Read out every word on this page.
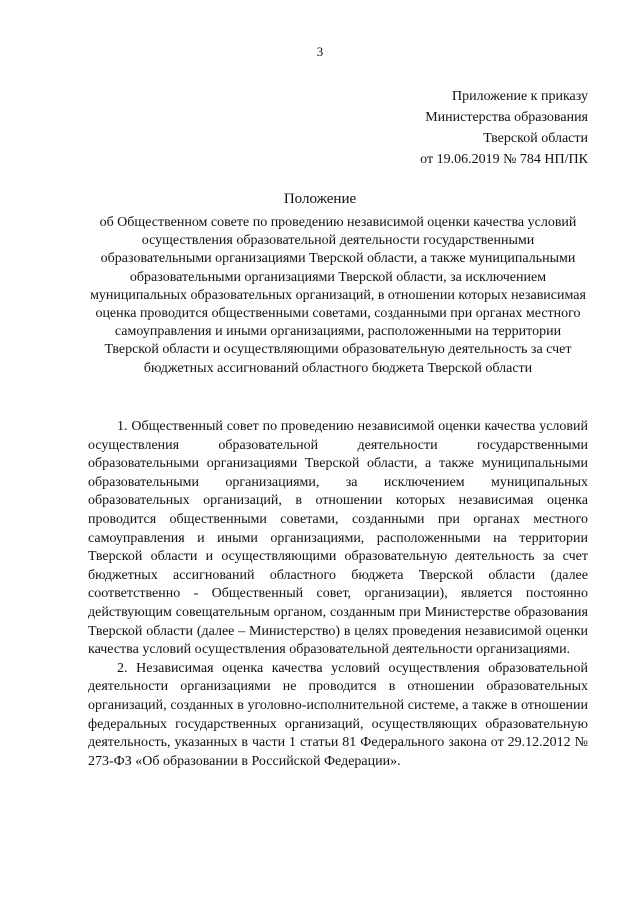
3
Приложение к приказу
Министерства образования
Тверской области
от 19.06.2019 № 784 НП/ПК
Положение
об Общественном совете по проведению независимой оценки качества условий осуществления образовательной деятельности государственными образовательными организациями Тверской области, а также муниципальными образовательными организациями Тверской области, за исключением муниципальных образовательных организаций, в отношении которых независимая оценка проводится общественными советами, созданными при органах местного самоуправления и иными организациями, расположенными на территории Тверской области и осуществляющими образовательную деятельность за счет бюджетных ассигнований областного бюджета Тверской области

1. Общественный совет по проведению независимой оценки качества условий осуществления образовательной деятельности государственными образовательными организациями Тверской области, а также муниципальными образовательными организациями, за исключением муниципальных образовательных организаций, в отношении которых независимая оценка проводится общественными советами, созданными при органах местного самоуправления и иными организациями, расположенными на территории Тверской области и осуществляющими образовательную деятельность за счет бюджетных ассигнований областного бюджета Тверской области (далее соответственно - Общественный совет, организации), является постоянно действующим совещательным органом, созданным при Министерстве образования Тверской области (далее – Министерство) в целях проведения независимой оценки качества условий осуществления образовательной деятельности организациями.

2. Независимая оценка качества условий осуществления образовательной деятельности организациями не проводится в отношении образовательных организаций, созданных в уголовно-исполнительной системе, а также в отношении федеральных государственных организаций, осуществляющих образовательную деятельность, указанных в части 1 статьи 81 Федерального закона от 29.12.2012 № 273-ФЗ «Об образовании в Российской Федерации».
